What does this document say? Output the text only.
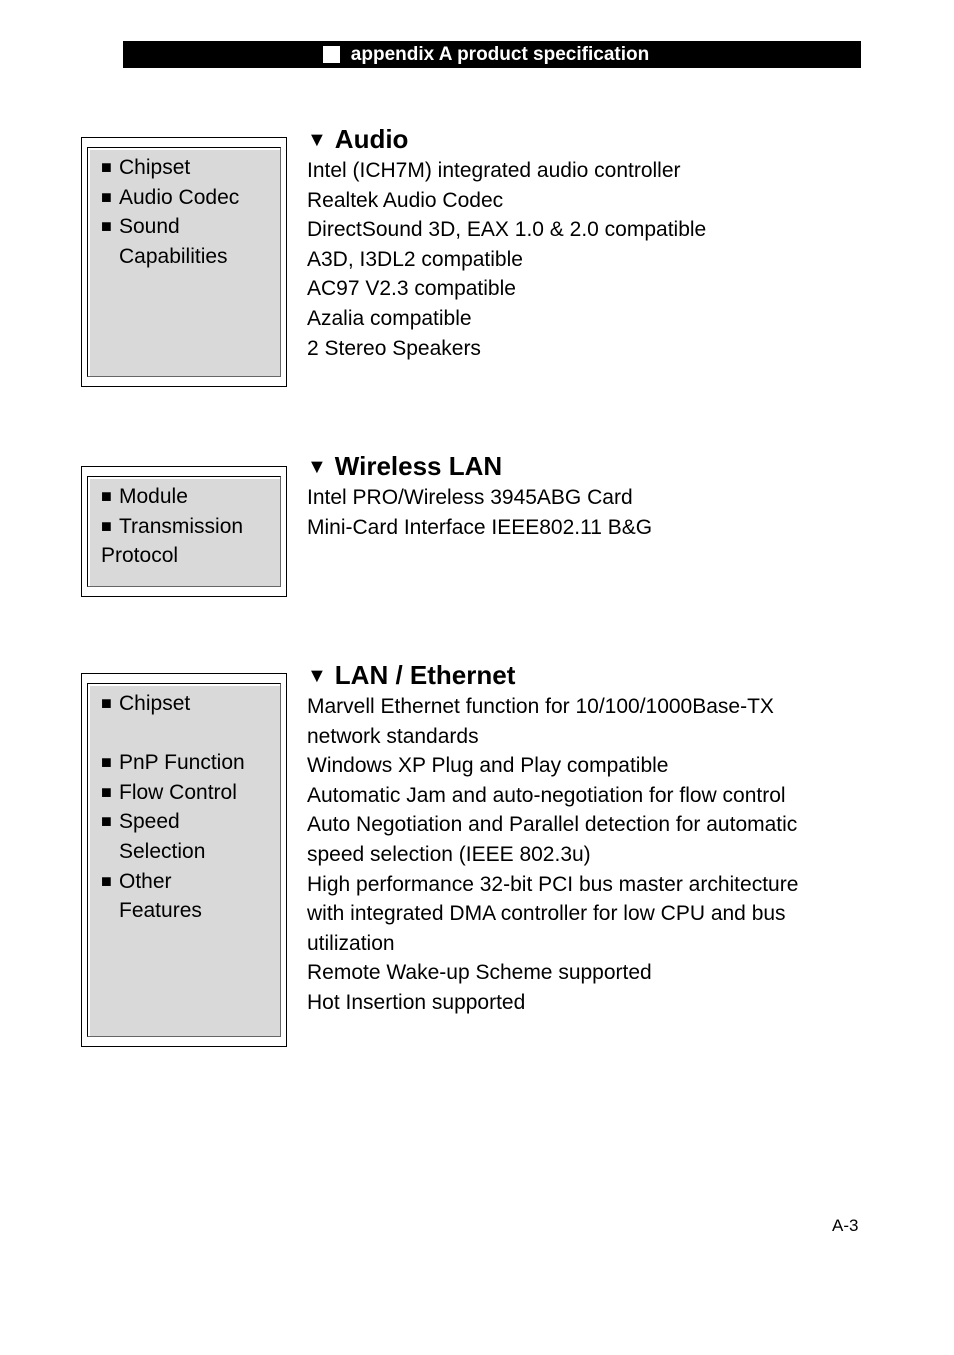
appendix A product specification
■ Chipset
■ Audio Codec
■ Sound
Capabilities
▼ Audio
Intel (ICH7M) integrated audio controller
Realtek Audio Codec
DirectSound 3D, EAX 1.0 & 2.0 compatible
A3D, I3DL2 compatible
AC97 V2.3 compatible
Azalia compatible
2 Stereo Speakers
■ Module
■ Transmission
Protocol
▼ Wireless LAN
Intel PRO/Wireless 3945ABG Card
Mini-Card Interface IEEE802.11 B&G
■ Chipset
■ PnP Function
■ Flow Control
■ Speed
Selection
■ Other
Features
▼ LAN / Ethernet
Marvell Ethernet function for 10/100/1000Base-TX
network standards
Windows XP Plug and Play compatible
Automatic Jam and auto-negotiation for flow control
Auto Negotiation and Parallel detection for automatic
speed selection (IEEE 802.3u)
High performance 32-bit PCI bus master architecture
with integrated DMA controller for low CPU and bus
utilization
Remote Wake-up Scheme supported
Hot Insertion supported
A-3
